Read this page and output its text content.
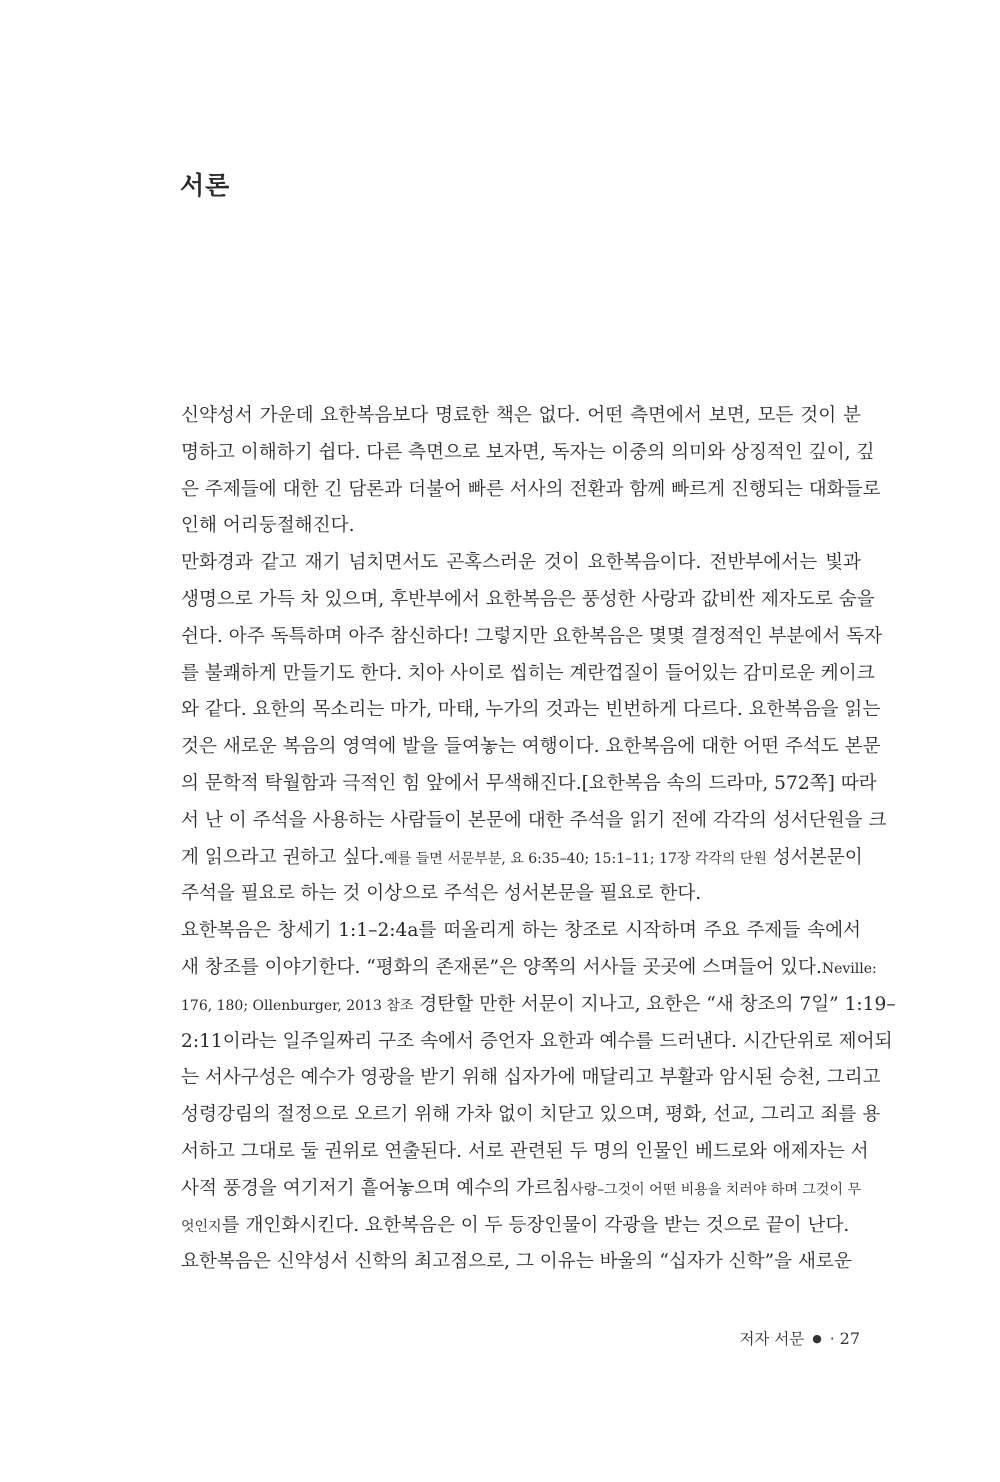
서론
신약성서 가운데 요한복음보다 명료한 책은 없다. 어떤 측면에서 보면, 모든 것이 분
명하고 이해하기 쉽다. 다른 측면으로 보자면, 독자는 이중의 의미와 상징적인 깊이, 깊
은 주제들에 대한 긴 담론과 더불어 빠른 서사의 전환과 함께 빠르게 진행되는 대화들로
인해 어리둥절해진다.
만화경과 같고 재기 넘치면서도 곤혹스러운 것이 요한복음이다. 전반부에서는 빛과
생명으로 가득 차 있으며, 후반부에서 요한복음은 풍성한 사랑과 값비싼 제자도로 숨을
쉰다. 아주 독특하며 아주 참신하다! 그렇지만 요한복음은 몇몇 결정적인 부분에서 독자
를 불쾌하게 만들기도 한다. 치아 사이로 씹히는 계란껍질이 들어있는 감미로운 케이크
와 같다. 요한의 목소리는 마가, 마태, 누가의 것과는 빈번하게 다르다. 요한복음을 읽는
것은 새로운 복음의 영역에 발을 들여놓는 여행이다. 요한복음에 대한 어떤 주석도 본문
의 문학적 탁월함과 극적인 힘 앞에서 무색해진다.[요한복음 속의 드라마, 572쪽] 따라
서 난 이 주석을 사용하는 사람들이 본문에 대한 주석을 읽기 전에 각각의 성서단원을 크
게 읽으라고 권하고 싶다.예를 들면 서문부분, 요 6:35–40; 15:1–11; 17장 각각의 단원 성서본문이
주석을 필요로 하는 것 이상으로 주석은 성서본문을 필요로 한다.
요한복음은 창세기 1:1–2:4a를 떠올리게 하는 창조로 시작하며 주요 주제들 속에서
새 창조를 이야기한다. “평화의 존재론”은 양쪽의 서사들 곳곳에 스며들어 있다.Neville:
176, 180; Ollenburger, 2013 참조 경탄할 만한 서문이 지나고, 요한은 “새 창조의 7일” 1:19–
2:11이라는 일주일짜리 구조 속에서 증언자 요한과 예수를 드러낸다. 시간단위로 제어되
는 서사구성은 예수가 영광을 받기 위해 십자가에 매달리고 부활과 암시된 승천, 그리고
성령강림의 절정으로 오르기 위해 가차 없이 치닫고 있으며, 평화, 선교, 그리고 죄를 용
서하고 그대로 둘 권위로 연출된다. 서로 관련된 두 명의 인물인 베드로와 애제자는 서
사적 풍경을 여기저기 흩어놓으며 예수의 가르침사랑–그것이 어떤 비용을 치러야 하며 그것이 무
엇인지를 개인화시킨다. 요한복음은 이 두 등장인물이 각광을 받는 것으로 끝이 난다.
요한복음은 신약성서 신학의 최고점으로, 그 이유는 바울의 “십자가 신학”을 새로운
저자 서문 ● · 27
